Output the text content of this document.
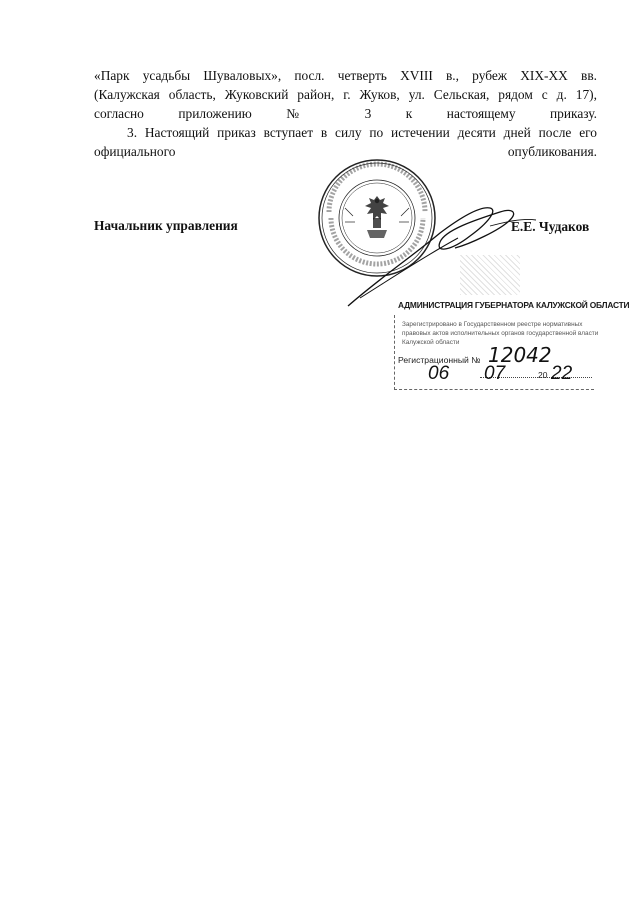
«Парк усадьбы Шуваловых», посл. четверть XVIII в., рубеж XIX-XX вв.
(Калужская область, Жуковский район, г. Жуков, ул. Сельская, рядом с д. 17),
согласно приложению № 3 к настоящему приказу.
3. Настоящий приказ вступает в силу по истечении десяти дней после его
официального опубликования.
Начальник управления	Е.Е. Чудаков
АДМИНИСТРАЦИЯ ГУБЕРНАТОРА КАЛУЖСКОЙ ОБЛАСТИ
Зарегистрировано в Государственном реестре нормативных
правовых актов исполнительных органов государственной власти
Калужской области
Регистрационный № 12042
06 07	20 22
